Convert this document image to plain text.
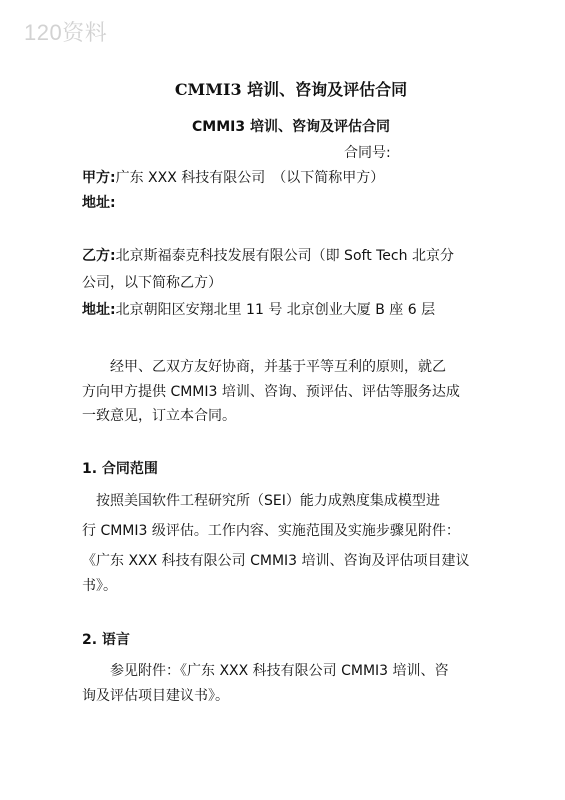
120资料
CMMI3 培训、咨询及评估合同
CMMI3 培训、咨询及评估合同
合同号:
甲方:广东 XXX 科技有限公司　（以下简称甲方）
地址:
乙方:北京斯福泰克科技发展有限公司（即 Soft Tech 北京分
公司，以下简称乙方）
地址:北京朝阳区安翔北里 11 号 北京创业大厦 B 座 6 层
经甲、乙双方友好协商，并基于平等互利的原则，就乙
方向甲方提供 CMMI3 培训、咨询、预评估、评估等服务达成
一致意见，订立本合同。
1. 合同范围
按照美国软件工程研究所（SEI）能力成熟度集成模型进
行 CMMI3 级评估。工作内容、实施范围及实施步骤见附件：
《广东 XXX 科技有限公司 CMMI3 培训、咨询及评估项目建议
书》。
2. 语言
参见附件：《广东 XXX 科技有限公司 CMMI3 培训、咨
询及评估项目建议书》。
